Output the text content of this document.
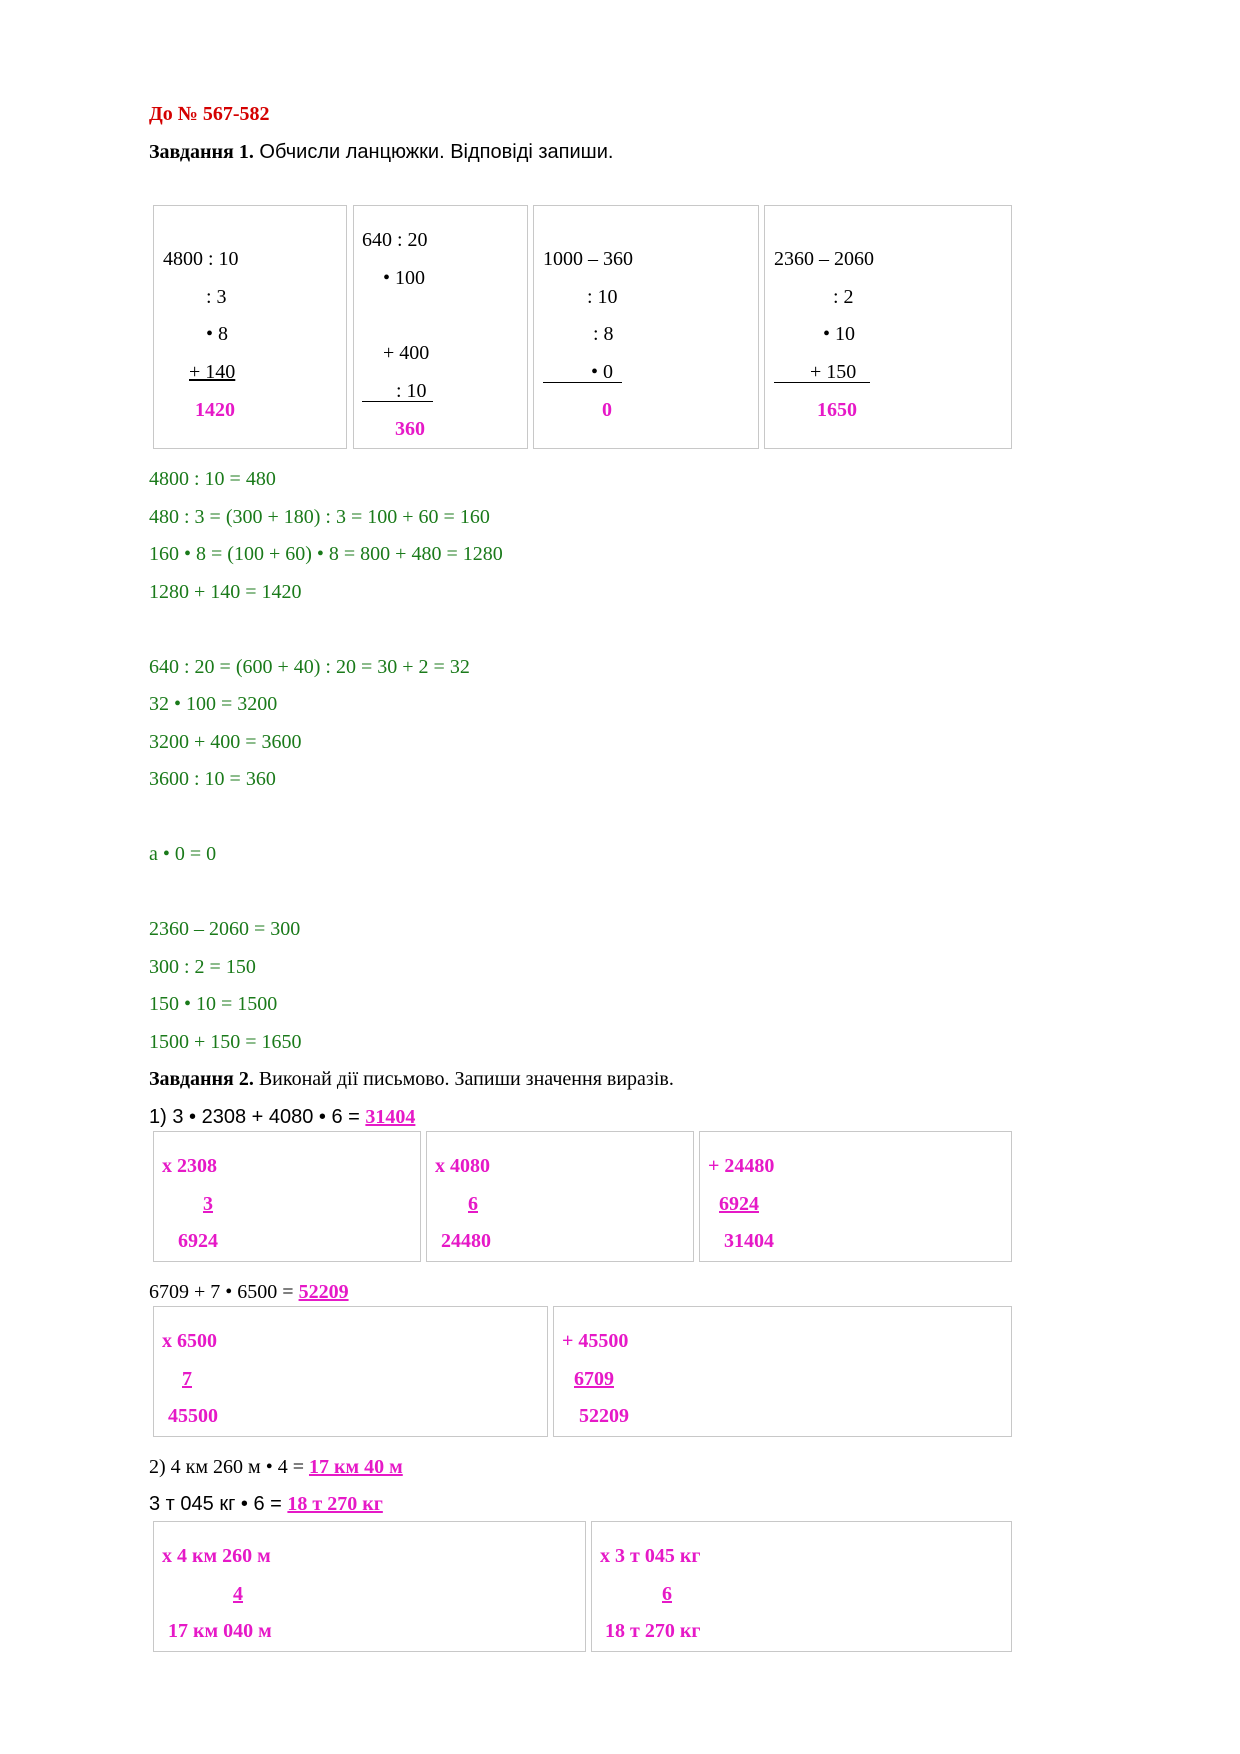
До № 567-582
Завдання 1. Обчисли ланцюжки. Відповіді запиши.
4800 : 10
: 3
• 8
+ 140
1420
640 : 20
• 100
+ 400
: 10
360
1000 – 360
: 10
: 8
• 0
0
2360 – 2060
: 2
• 10
+ 150
1650
4800 : 10 = 480
480 : 3 = (300 + 180) : 3 = 100 + 60 = 160
160 • 8 = (100 + 60) • 8 = 800 + 480 = 1280
1280 + 140 = 1420
640 : 20 = (600 + 40) : 20 = 30 + 2 = 32
32 • 100 = 3200
3200 + 400 = 3600
3600 : 10 = 360
а • 0 = 0
2360 – 2060 = 300
300 : 2 = 150
150 • 10 = 1500
1500 + 150 = 1650
Завдання 2. Виконай дії письмово. Запиши значення виразів.
1) 3 • 2308 + 4080 • 6 = 31404
х 2308
3
6924
х 4080
6
24480
+ 24480
6924
31404
6709 + 7 • 6500 = 52209
х 6500
7
45500
+ 45500
6709
52209
2) 4 км 260 м • 4 = 17 км 40 м
3 т 045 кг • 6 = 18 т 270 кг
х 4 км 260 м
4
17 км 040 м
х 3 т 045 кг
6
18 т 270 кг
